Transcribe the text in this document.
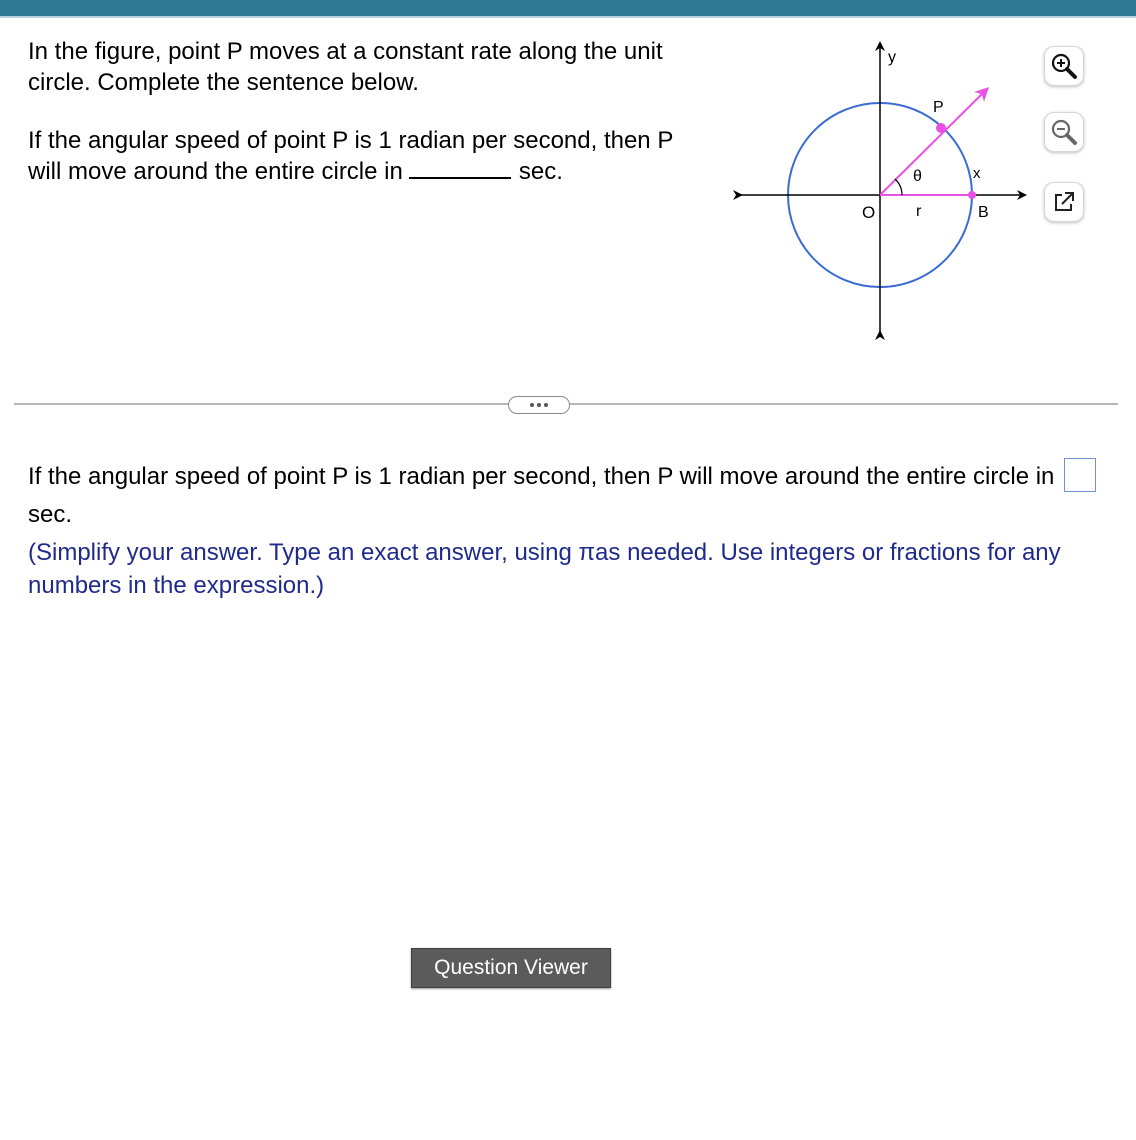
In the figure, point P moves at a constant rate along the unit circle. Complete the sentence below.

If the angular speed of point P is 1 radian per second, then P will move around the entire circle in	sec.

y
x
O	r	B
P
θ
If the angular speed of point P is 1 radian per second, then P will move around the entire circle insec.
(Simplify your answer. Type an exact answer, using πas needed. Use integers or fractions for any numbers in the expression.)
Question Viewer
